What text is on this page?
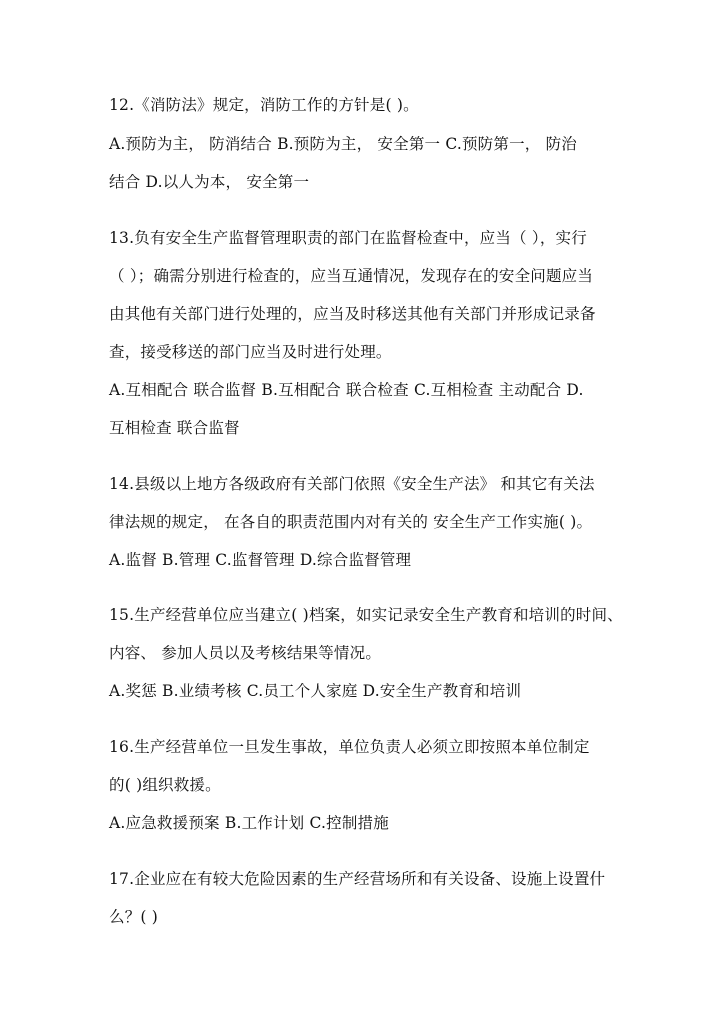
12.《消防法》规定，消防工作的方针是( )。
A.预防为主， 防消结合 B.预防为主， 安全第一 C.预防第一， 防治
结合 D.以人为本， 安全第一
13.负有安全生产监督管理职责的部门在监督检查中，应当（ ），实行
（ ）；确需分别进行检查的，应当互通情况，发现存在的安全问题应当
由其他有关部门进行处理的，应当及时移送其他有关部门并形成记录备
查，接受移送的部门应当及时进行处理。
A.互相配合 联合监督 B.互相配合 联合检查 C.互相检查 主动配合 D.
互相检查 联合监督
14.县级以上地方各级政府有关部门依照《安全生产法》 和其它有关法
律法规的规定， 在各自的职责范围内对有关的 安全生产工作实施( )。
A.监督 B.管理 C.监督管理 D.综合监督管理
15.生产经营单位应当建立( )档案，如实记录安全生产教育和培训的时间、
内容、 参加人员以及考核结果等情况。
A.奖惩 B.业绩考核 C.员工个人家庭 D.安全生产教育和培训
16.生产经营单位一旦发生事故，单位负责人必须立即按照本单位制定
的( )组织救援。
A.应急救援预案 B.工作计划 C.控制措施
17.企业应在有较大危险因素的生产经营场所和有关设备、设施上设置什
么？( )
